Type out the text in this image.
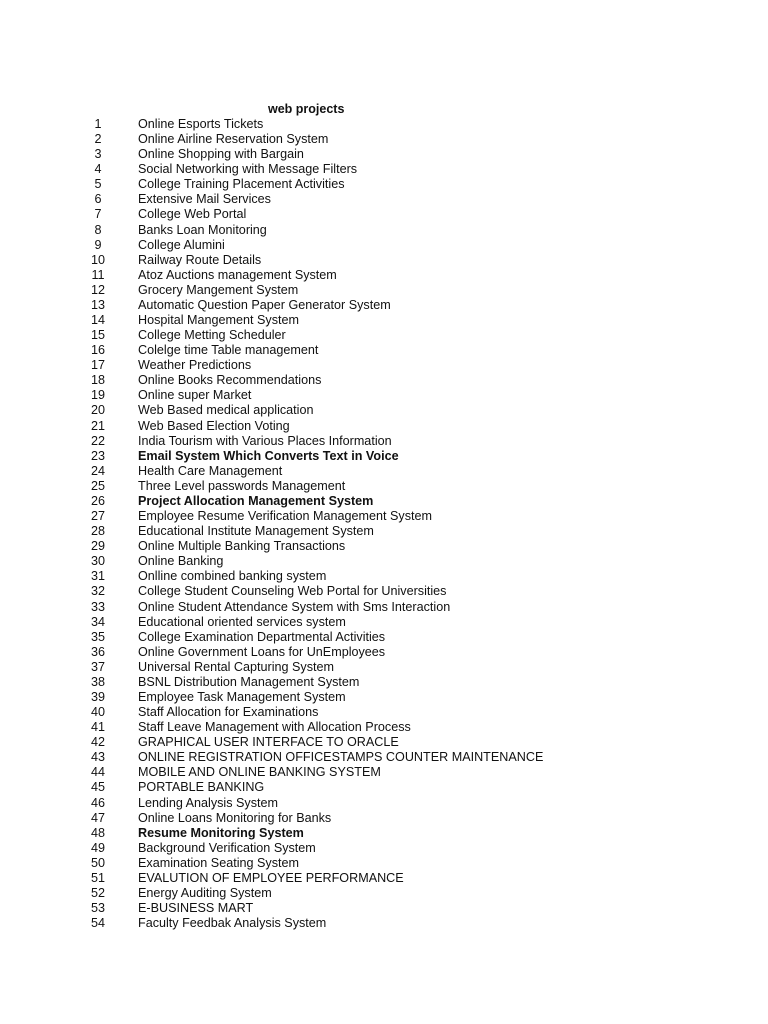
web projects
1	Online Esports Tickets
2	Online Airline Reservation System
3	Online Shopping with Bargain
4	Social Networking with Message Filters
5	College Training Placement Activities
6	Extensive Mail Services
7	College Web Portal
8	Banks Loan Monitoring
9	College Alumini
10	Railway Route Details
11	Atoz Auctions management System
12	Grocery Mangement System
13	Automatic Question Paper Generator System
14	Hospital Mangement System
15	College Metting Scheduler
16	Colelge time Table management
17	Weather Predictions
18	Online Books Recommendations
19	Online super Market
20	Web Based medical application
21	Web Based Election Voting
22	India Tourism with Various Places Information
23	Email System Which Converts Text in Voice
24	Health Care Management
25	Three Level passwords Management
26	Project Allocation Management System
27	Employee Resume Verification Management System
28	Educational Institute Management System
29	Online Multiple Banking Transactions
30	Online Banking
31	Onlline combined banking system
32	College Student Counseling Web Portal for Universities
33	Online Student Attendance System with Sms Interaction
34	Educational oriented services system
35	College Examination Departmental Activities
36	Online Government Loans for UnEmployees
37	Universal Rental Capturing System
38	BSNL Distribution Management System
39	Employee Task Management System
40	Staff Allocation for Examinations
41	Staff Leave Management with Allocation Process
42	GRAPHICAL USER INTERFACE TO ORACLE
43	ONLINE REGISTRATION OFFICESTAMPS COUNTER MAINTENANCE
44	MOBILE AND ONLINE BANKING SYSTEM
45	PORTABLE BANKING
46	Lending Analysis System
47	Online Loans Monitoring for Banks
48	Resume Monitoring System
49	Background Verification System
50	Examination Seating System
51	EVALUTION OF EMPLOYEE PERFORMANCE
52	Energy Auditing System
53	E-BUSINESS MART
54	Faculty Feedbak Analysis System
